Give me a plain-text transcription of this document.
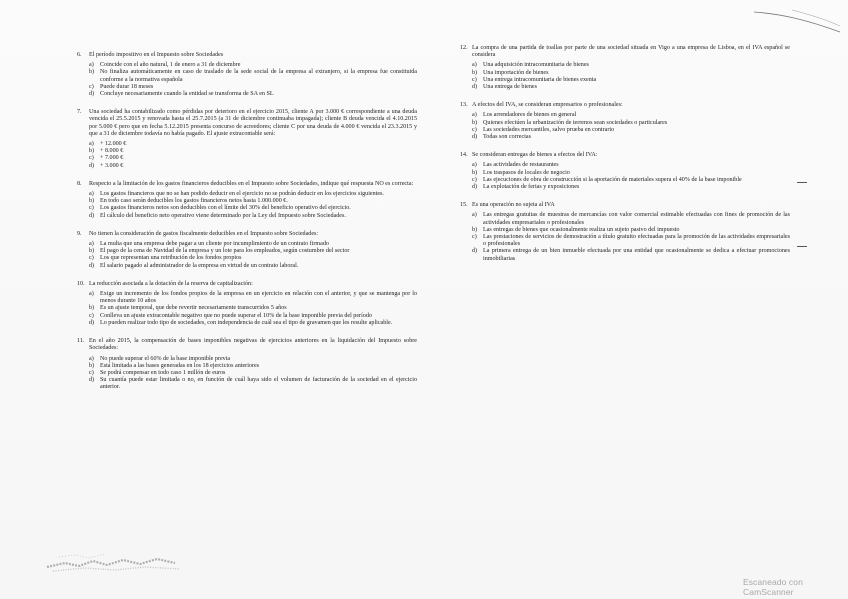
6.	El período impositivo en el Impuesto sobre Sociedades
a)	Coincide con el año natural, 1 de enero a 31 de diciembre
b) No finaliza automáticamente en caso de traslado de la sede social de la empresa al extranjero, si la empresa fue constituida conforme a la normativa española
c)	Puede durar 18 meses
d) Concluye necesariamente cuando la entidad se transforma de SA en SL
7.	Una sociedad ha contabilizado como pérdidas por deterioro en el ejercicio 2015, cliente A por 3.000 € correspondiente a una deuda vencida el 25.5.2015 y renovada hasta el 25.7.2015 (a 31 de diciembre continuaba impagada); cliente B deuda vencida el 4.10.2015 por 5.000 € pero que en fecha 5.12.2015 presenta concurso de acreedores; cliente C por una deuda de 4.000 € vencida el 23.3.2015 y que a 31 de diciembre todavía no había pagado. El ajuste extracontable será:
a)	+ 12.000 €
b) + 8.000 €
c)	+ 7.000 €
d) + 3.000 €
8.	Respecto a la limitación de los gastos financieros deducibles en el Impuesto sobre Sociedades, indique qué respuesta NO es correcta:
a)	Los gastos financieros que no se han podido deducir en el ejercicio no se podrán deducir en los ejercicios siguientes.
b) En todo caso serán deducibles los gastos financieros netos hasta 1.000.000 €.
c)	Los gastos financieros netos son deducibles con el límite del 30% del beneficio operativo del ejercicio.
d) El cálculo del beneficio neto operativo viene determinado por la Ley del Impuesto sobre Sociedades.
9.	No tienen la consideración de gastos fiscalmente deducibles en el Impuesto sobre Sociedades:
a)	La multa que una empresa debe pagar a un cliente por incumplimiento de un contrato firmado
b) El pago de la cena de Navidad de la empresa y un lote para los empleados, según costumbre del sector
c)	Los que representan una retribución de los fondos propios
d) El salario pagado al administrador de la empresa en virtud de un contrato laboral.
10. La reducción asociada a la dotación de la reserva de capitalización:
a)	Exige un incremento de los fondos propios de la empresa en un ejercicio en relación con el anterior, y que se mantenga por lo menos durante 10 años
b) Es un ajuste temporal, que debe revertir necesariamente transcurridos 5 años
c)	Conlleva un ajuste extracontable negativo que no puede superar el 10% de la base imponible previa del período
d) Lo pueden realizar todo tipo de sociedades, con independencia de cuál sea el tipo de gravamen que les resulte aplicable.
11. En el año 2015, la compensación de bases imponibles negativas de ejercicios anteriores en la liquidación del Impuesto sobre Sociedades:
a)	No puede superar el 60% de la base imponible previa
b) Está limitada a las bases generadas en los 18 ejercicios anteriores
c)	Se podrá compensar en todo caso 1 millón de euros
d) Su cuantía puede estar limitada o no, en función de cuál haya sido el volumen de facturación de la sociedad en el ejercicio anterior.
12. La compra de una partida de toallas por parte de una sociedad situada en Vigo a una empresa de Lisboa, en el IVA español se considera
a)	Una adquisición intracomunitaria de bienes
b) Una importación de bienes
c)	Una entrega intracomunitaria de bienes exenta
d) Una entrega de bienes
13. A efectos del IVA, se consideran empresarios o profesionales:
a)	Los arrendadores de bienes en general
b) Quienes efectúen la urbanización de terrenos sean sociedades o particulares
c)	Las sociedades mercantiles, salvo prueba en contrario
d) Todas son correctas
14. Se consideran entregas de bienes a efectos del IVA:
a)	Las actividades de restaurantes
b) Los traspasos de locales de negocio
c)	Las ejecuciones de obra de construcción si la aportación de materiales supera el 40% de la base imponible
d) La explotación de ferias y exposiciones
15. Es una operación no sujeta al IVA
a)	Las entregas gratuitas de muestras de mercancías con valor comercial estimable efectuadas con fines de promoción de las actividades empresariales o profesionales
b) Las entregas de bienes que ocasionalmente realiza un sujeto pasivo del impuesto
c)	Las prestaciones de servicios de demostración a título gratuito efectuadas para la promoción de las actividades empresariales o profesionales
d) La primera entrega de un bien inmueble efectuada por una entidad que ocasionalmente se dedica a efectuar promociones inmobiliarias
Escaneado con CamScanner
